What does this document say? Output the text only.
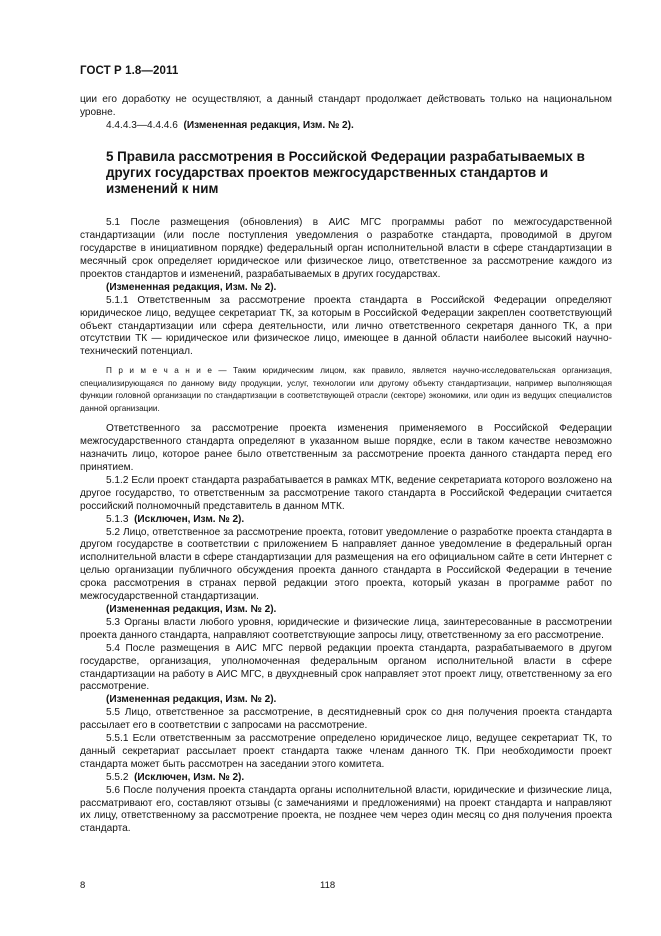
ГОСТ Р 1.8—2011

ции его доработку не осуществляют, а данный стандарт продолжает действовать только на национальном уровне.

4.4.4.3—4.4.4.6 (Измененная редакция, Изм. № 2).

5 Правила рассмотрения в Российской Федерации разрабатываемых в других государствах проектов межгосударственных стандартов и изменений к ним

5.1 После размещения (обновления) в АИС МГС программы работ по межгосударственной стандартизации (или после поступления уведомления о разработке стандарта, проводимой в другом государстве в инициативном порядке) федеральный орган исполнительной власти в сфере стандартизации в месячный срок определяет юридическое или физическое лицо, ответственное за рассмотрение каждого из проектов стандартов и изменений, разрабатываемых в других государствах.

(Измененная редакция, Изм. № 2).

5.1.1 Ответственным за рассмотрение проекта стандарта в Российской Федерации определяют юридическое лицо, ведущее секретариат ТК, за которым в Российской Федерации закреплен соответствующий объект стандартизации или сфера деятельности, или лично ответственного секретаря данного ТК, а при отсутствии ТК — юридическое или физическое лицо, имеющее в данной области наиболее высокий научно-технический потенциал.

П р и м е ч а н и е — Таким юридическим лицом, как правило, является научно-исследовательская организация, специализирующаяся по данному виду продукции, услуг, технологии или другому объекту стандартизации, например выполняющая функции головной организации по стандартизации в соответствующей отрасли (секторе) экономики, или один из ведущих специалистов данной организации.

Ответственного за рассмотрение проекта изменения применяемого в Российской Федерации межгосударственного стандарта определяют в указанном выше порядке, если в таком качестве невозможно назначить лицо, которое ранее было ответственным за рассмотрение проекта данного стандарта перед его принятием.

5.1.2 Если проект стандарта разрабатывается в рамках МТК, ведение секретариата которого возложено на другое государство, то ответственным за рассмотрение такого стандарта в Российской Федерации считается российский полномочный представитель в данном МТК.

5.1.3 (Исключен, Изм. № 2).

5.2 Лицо, ответственное за рассмотрение проекта, готовит уведомление о разработке проекта стандарта в другом государстве в соответствии с приложением Б направляет данное уведомление в федеральный орган исполнительной власти в сфере стандартизации для размещения на его официальном сайте в сети Интернет с целью организации публичного обсуждения проекта данного стандарта в Российской Федерации в течение срока рассмотрения в странах первой редакции этого проекта, который указан в программе работ по межгосударственной стандартизации.

(Измененная редакция, Изм. № 2).

5.3 Органы власти любого уровня, юридические и физические лица, заинтересованные в рассмотрении проекта данного стандарта, направляют соответствующие запросы лицу, ответственному за его рассмотрение.

5.4 После размещения в АИС МГС первой редакции проекта стандарта, разрабатываемого в другом государстве, организация, уполномоченная федеральным органом исполнительной власти в сфере стандартизации на работу в АИС МГС, в двухдневный срок направляет этот проект лицу, ответственному за его рассмотрение.

(Измененная редакция, Изм. № 2).

5.5 Лицо, ответственное за рассмотрение, в десятидневный срок со дня получения проекта стандарта рассылает его в соответствии с запросами на рассмотрение.

5.5.1 Если ответственным за рассмотрение определено юридическое лицо, ведущее секретариат ТК, то данный секретариат рассылает проект стандарта также членам данного ТК. При необходимости проект стандарта может быть рассмотрен на заседании этого комитета.

5.5.2 (Исключен, Изм. № 2).

5.6 После получения проекта стандарта органы исполнительной власти, юридические и физические лица, рассматривают его, составляют отзывы (с замечаниями и предложениями) на проект стандарта и направляют их лицу, ответственному за рассмотрение проекта, не позднее чем через один месяц со дня получения проекта стандарта.

8	118
